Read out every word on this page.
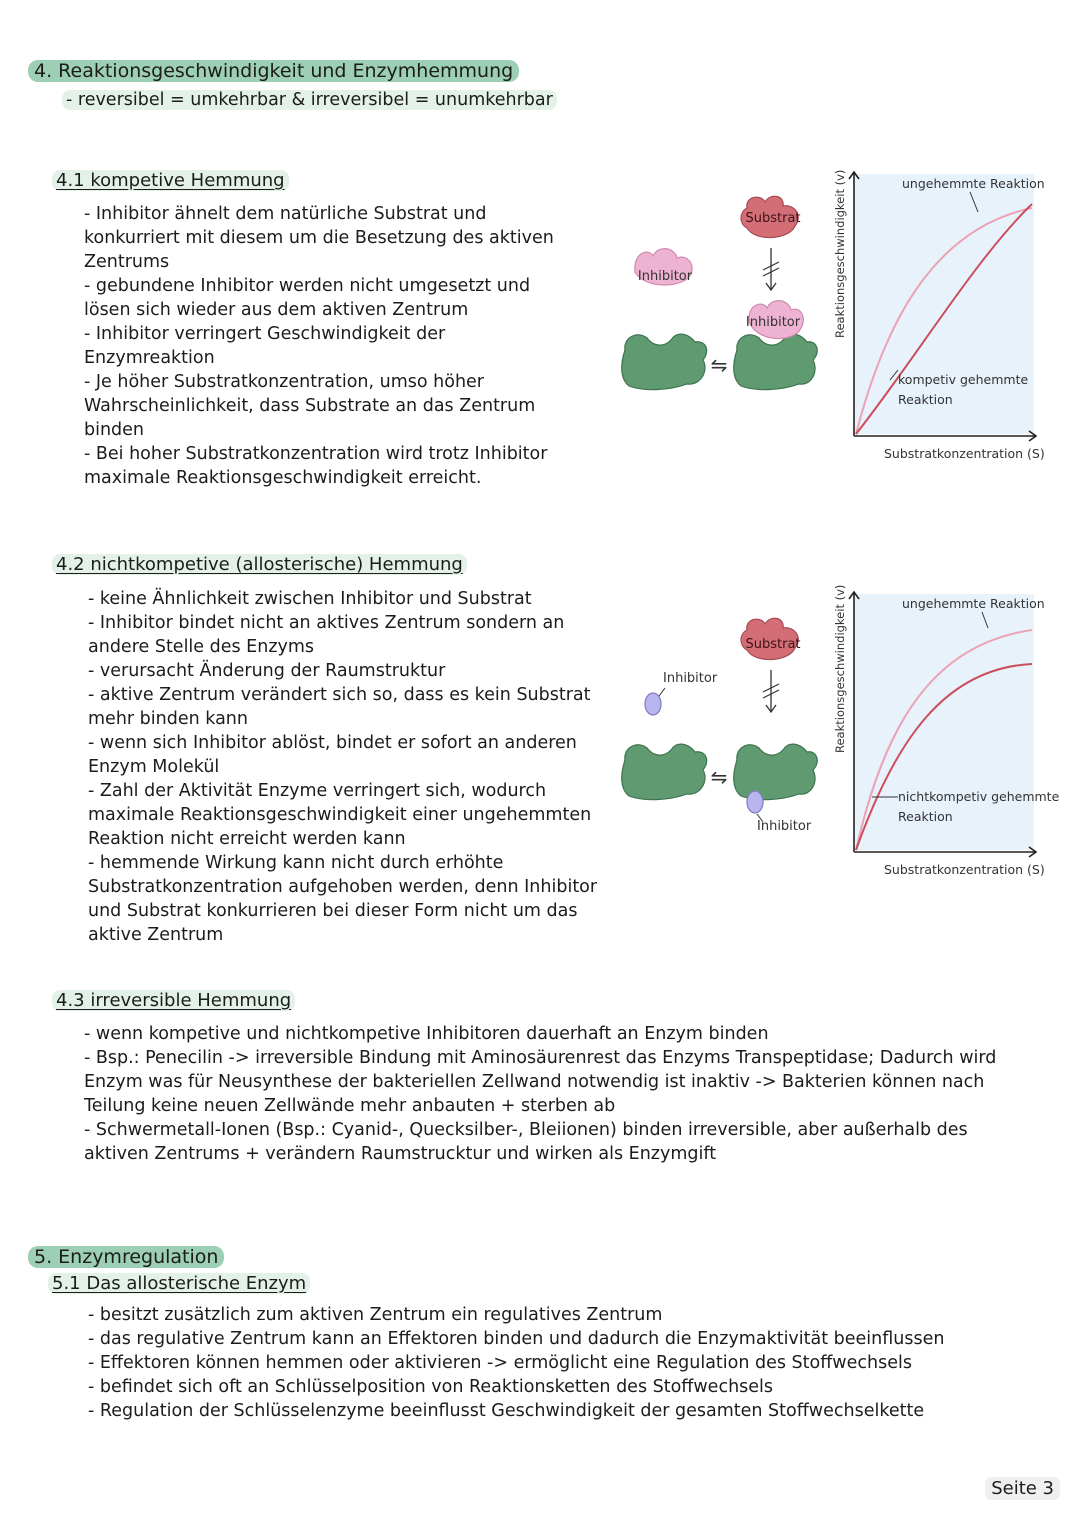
4. Reaktionsgeschwindigkeit und Enzymhemmung
- reversibel = umkehrbar & irreversibel = unumkehrbar
4.1 kompetive Hemmung
- Inhibitor ähnelt dem natürliche Substrat und
konkurriert mit diesem um die Besetzung des aktiven
Zentrums
- gebundene Inhibitor werden nicht umgesetzt und
lösen sich wieder aus dem aktiven Zentrum
- Inhibitor verringert Geschwindigkeit der
Enzymreaktion
- Je höher Substratkonzentration, umso höher
Wahrscheinlichkeit, dass Substrate an das Zentrum
binden
- Bei hoher Substratkonzentration wird trotz Inhibitor
maximale Reaktionsgeschwindigkeit erreicht.
Inhibitor
⇋
Substrat
Inhibitor	Reaktionsgeschwindigkeit (v)
Substratkonzentration (S)
ungehemmte Reaktion
kompetiv gehemmte
Reaktion
4.2 nichtkompetive (allosterische) Hemmung
- keine Ähnlichkeit zwischen Inhibitor und Substrat
- Inhibitor bindet nicht an aktives Zentrum sondern an
andere Stelle des Enzyms
- verursacht Änderung der Raumstruktur
- aktive Zentrum verändert sich so, dass es kein Substrat
mehr binden kann
- wenn sich Inhibitor ablöst, bindet er sofort an anderen
Enzym Molekül
- Zahl der Aktivität Enzyme verringert sich, wodurch
maximale Reaktionsgeschwindigkeit einer ungehemmten
Reaktion nicht erreicht werden kann
- hemmende Wirkung kann nicht durch erhöhte
Substratkonzentration aufgehoben werden, denn Inhibitor
und Substrat konkurrieren bei dieser Form nicht um das
aktive Zentrum
Inhibitor
⇋
Substrat
Inhibitor
Reaktionsgeschwindigkeit (v)
Substratkonzentration (S)
ungehemmte Reaktion
nichtkompetiv gehemmte
Reaktion
4.3 irreversible Hemmung
- wenn kompetive und nichtkompetive Inhibitoren dauerhaft an Enzym binden
- Bsp.: Penecilin -> irreversible Bindung mit Aminosäurenrest das Enzyms Transpeptidase; Dadurch wird
Enzym was für Neusynthese der bakteriellen Zellwand notwendig ist inaktiv -> Bakterien können nach
Teilung keine neuen Zellwände mehr anbauten + sterben ab
- Schwermetall-Ionen (Bsp.: Cyanid-, Quecksilber-, Bleiionen) binden irreversible, aber außerhalb des
aktiven Zentrums + verändern Raumstrucktur und wirken als Enzymgift
5. Enzymregulation
5.1 Das allosterische Enzym
- besitzt zusätzlich zum aktiven Zentrum ein regulatives Zentrum
- das regulative Zentrum kann an Effektoren binden und dadurch die Enzymaktivität beeinflussen
- Effektoren können hemmen oder aktivieren -> ermöglicht eine Regulation des Stoffwechsels
- befindet sich oft an Schlüsselposition von Reaktionsketten des Stoffwechsels
- Regulation der Schlüsselenzyme beeinflusst Geschwindigkeit der gesamten Stoffwechselkette
Seite 3
